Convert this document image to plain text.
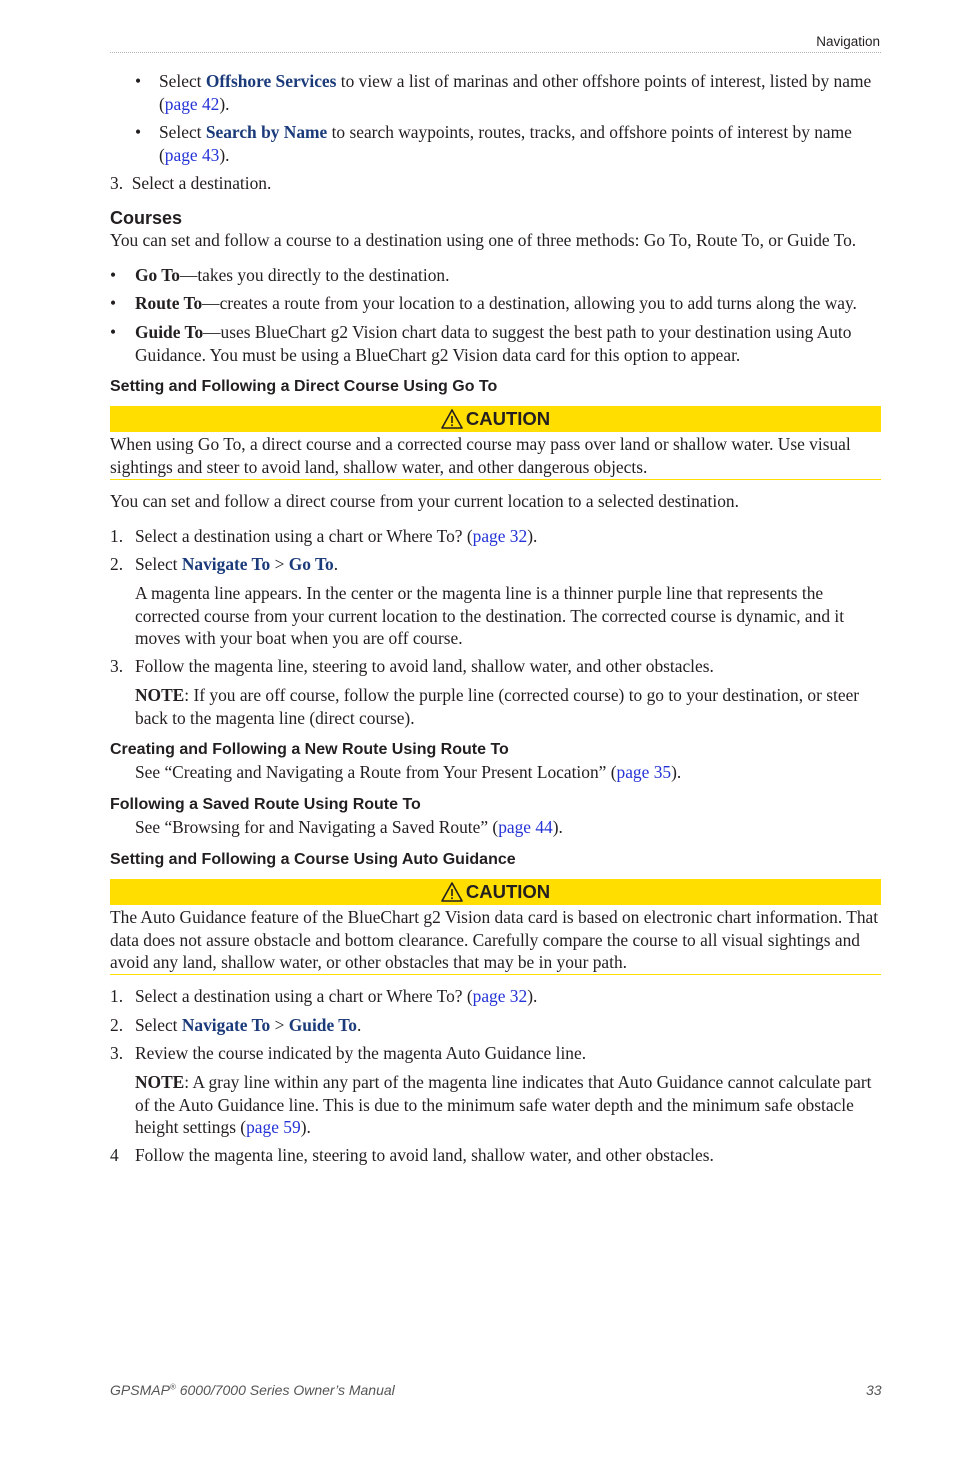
Navigation
• Select Offshore Services to view a list of marinas and other offshore points of interest, listed by name
(page 42).
• Select Search by Name to search waypoints, routes, tracks, and offshore points of interest by name
(page 43).
3. Select a destination.
Courses
You can set and follow a course to a destination using one of three methods: Go To, Route To, or Guide To.
• Go To—takes you directly to the destination.
• Route To—creates a route from your location to a destination, allowing you to add turns along the way.
• Guide To—uses BlueChart g2 Vision chart data to suggest the best path to your destination using Auto Guidance. You must be using a BlueChart g2 Vision data card for this option to appear.
Setting and Following a Direct Course Using Go To
CAUTION
When using Go To, a direct course and a corrected course may pass over land or shallow water. Use visual sightings and steer to avoid land, shallow water, and other dangerous objects.
You can set and follow a direct course from your current location to a selected destination.
1. Select a destination using a chart or Where To? (page 32).
2. Select Navigate To > Go To.
A magenta line appears. In the center or the magenta line is a thinner purple line that represents the corrected course from your current location to the destination. The corrected course is dynamic, and it moves with your boat when you are off course.
3. Follow the magenta line, steering to avoid land, shallow water, and other obstacles.
NOTE: If you are off course, follow the purple line (corrected course) to go to your destination, or steer back to the magenta line (direct course).
Creating and Following a New Route Using Route To
See “Creating and Navigating a Route from Your Present Location” (page 35).
Following a Saved Route Using Route To
See “Browsing for and Navigating a Saved Route” (page 44).
Setting and Following a Course Using Auto Guidance
CAUTION
The Auto Guidance feature of the BlueChart g2 Vision data card is based on electronic chart information. That data does not assure obstacle and bottom clearance. Carefully compare the course to all visual sightings and avoid any land, shallow water, or other obstacles that may be in your path.
1. Select a destination using a chart or Where To? (page 32).
2. Select Navigate To > Guide To.
3. Review the course indicated by the magenta Auto Guidance line.
NOTE: A gray line within any part of the magenta line indicates that Auto Guidance cannot calculate part of the Auto Guidance line. This is due to the minimum safe water depth and the minimum safe obstacle height settings (page 59).
4 Follow the magenta line, steering to avoid land, shallow water, and other obstacles.
GPSMAP® 6000/7000 Series Owner’s Manual	33
